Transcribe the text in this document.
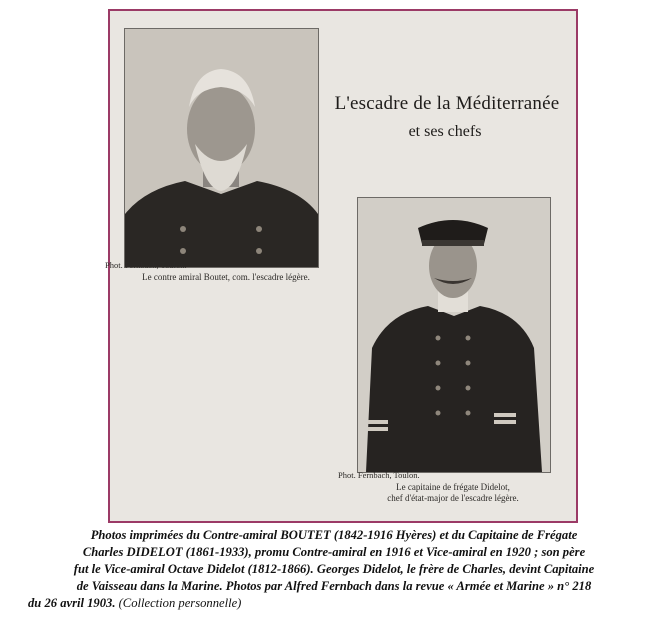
Phot. Fernbach, Toulon.
Le contre amiral Boutet, com. l'escadre légère.
L'escadre de la Méditerranée
et ses chefs
Phot. Fernbach, Toulon.
Le capitaine de frégate Didelot,
chef d'état-major de l'escadre légère.
Photos imprimées du Contre-amiral BOUTET (1842-1916 Hyères) et du Capitaine de Frégate
Charles DIDELOT (1861-1933), promu Contre-amiral en 1916 et Vice-amiral en 1920 ; son père
fut le Vice-amiral Octave Didelot (1812-1866). Georges Didelot, le frère de Charles, devint Capitaine
de Vaisseau dans la Marine. Photos par Alfred Fernbach dans la revue « Armée et Marine » n° 218
du 26 avril 1903. (Collection personnelle)
